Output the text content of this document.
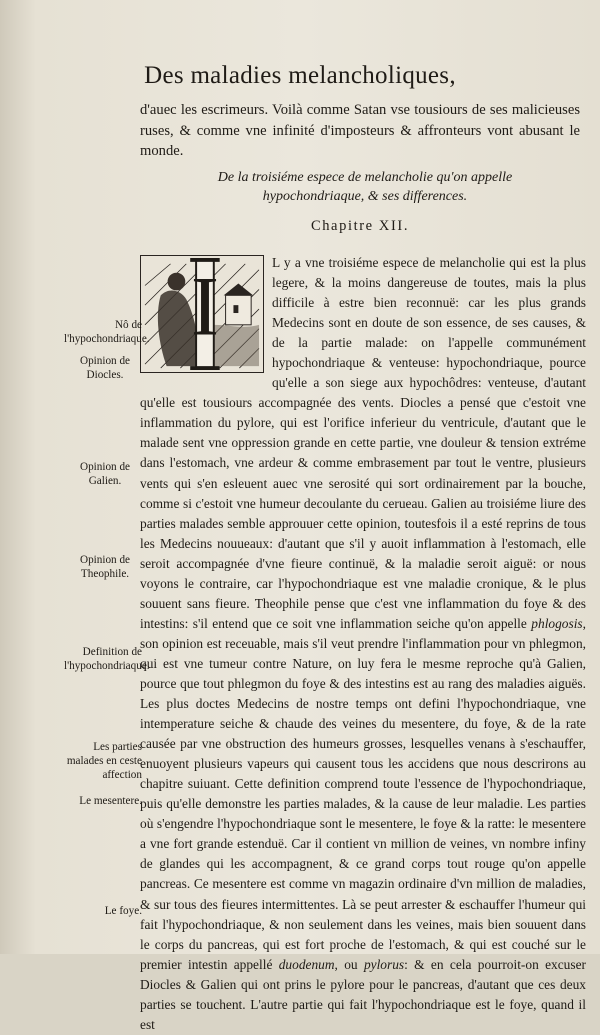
Des maladies melancholiques,
d'auec les escrimeurs. Voilà comme Satan vse tousiours de ses malicieuses ruses, & comme vne infinité d'imposteurs & affronteurs vont abusant le monde.
De la troisiéme espece de melancholie qu'on appelle hypochondriaque, & ses differences.
Chapitre XII.
I	L y a vne troisiéme espece de melancholie qui est la plus legere, & la moins dangereuse de toutes, mais la plus difficile à estre bien reconnuë: car les plus grands Medecins sont en doute de son essence, de ses causes, & de la partie malade: on l'appelle communément hypochondriaque & venteuse: hypochondriaque, pource qu'elle a son siege aux hypochôdres: venteuse, d'autant qu'elle est tousiours accompagnée des vents. Diocles a pensé que c'estoit vne inflammation du pylore, qui est l'orifice inferieur du ventricule, d'autant que le malade sent vne oppression grande en cette partie, vne douleur & tension extréme dans l'estomach, vne ardeur & comme embrasement par tout le ventre, plusieurs vents qui s'en esleuent auec vne serosité qui sort ordinairement par la bouche, comme si c'estoit vne humeur decoulante du cerueau. Galien au troisiéme liure des parties malades semble approuuer cette opinion, toutesfois il a esté reprins de tous les Medecins nouueaux: d'autant que s'il y auoit inflammation à l'estomach, elle seroit accompagnée d'vne fieure continuë, & la maladie seroit aiguë: or nous voyons le contraire, car l'hypochondriaque est vne maladie cronique, & le plus souuent sans fieure. Theophile pense que c'est vne inflammation du foye & des intestins: s'il entend que ce soit vne inflammation seiche qu'on appelle phlogosis, son opinion est receuable, mais s'il veut prendre l'inflammation pour vn phlegmon, qui est vne tumeur contre Nature, on luy fera le mesme reproche qu'à Galien, pource que tout phlegmon du foye & des intestins est au rang des maladies aiguës. Les plus doctes Medecins de nostre temps ont defini l'hypochondriaque, vne intemperature seiche & chaude des veines du mesentere, du foye, & de la rate causée par vne obstruction des humeurs grosses, lesquelles venans à s'eschauffer, enuoyent plusieurs vapeurs qui causent tous les accidens que nous descrirons au chapitre suiuant. Cette definition comprend toute l'essence de l'hypochondriaque, puis qu'elle demonstre les parties malades, & la cause de leur maladie. Les parties où s'engendre l'hypochondriaque sont le mesentere, le foye & la ratte: le mesentere a vne fort grande estenduë. Car il contient vn million de veines, vn nombre infiny de glandes qui les accompagnent, & ce grand corps tout rouge qu'on appelle pancreas. Ce mesentere est comme vn magazin ordinaire d'vn million de maladies, & sur tous des fieures intermittentes. Là se peut arrester & eschauffer l'humeur qui fait l'hypochondriaque, & non seulement dans les veines, mais bien souuent dans le corps du pancreas, qui est fort proche de l'estomach, & qui est couché sur le premier intestin appellé duodenum, ou pylorus: & en cela pourroit-on excuser Diocles & Galien qui ont prins le pylore pour le pancreas, d'autant que ces deux parties se touchent. L'autre partie qui fait l'hypochondriaque est le foye, quand il est

Nô de l'hypochondriaque.
Opinion de Diocles.
Opinion de Galien.
Opinion de Theophile.
Definition de l'hypochondriaque.
Les parties malades en ceste affection
Le mesentere.
Le foye.
